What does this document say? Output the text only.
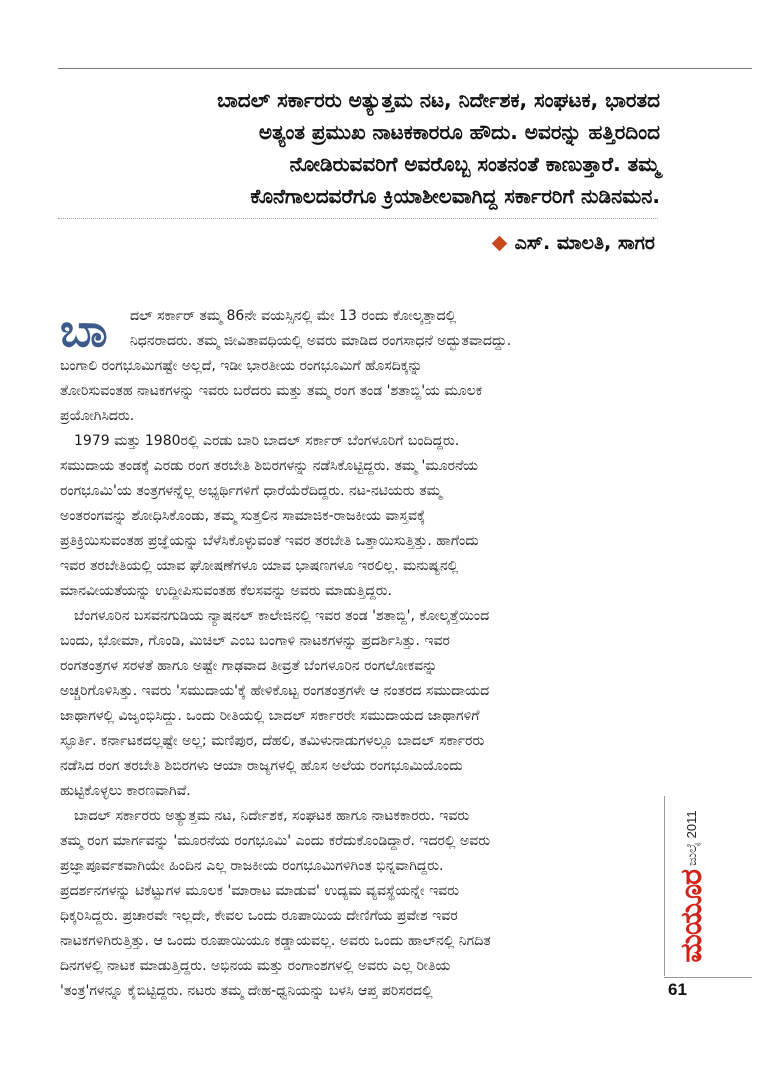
ಬಾದಲ್ ಸರ್ಕಾರರು ಅತ್ಯುತ್ತಮ ನಟ, ನಿರ್ದೇಶಕ, ಸಂಘಟಕ, ಭಾರತದ
ಅತ್ಯಂತ ಪ್ರಮುಖ ನಾಟಕಕಾರರೂ ಹೌದು. ಅವರನ್ನು ಹತ್ತಿರದಿಂದ
ನೋಡಿರುವವರಿಗೆ ಅವರೊಬ್ಬ ಸಂತನಂತೆ ಕಾಣುತ್ತಾರೆ. ತಮ್ಮ
ಕೊನೆಗಾಲದವರೆಗೂ ಕ್ರಿಯಾಶೀಲವಾಗಿದ್ದ ಸರ್ಕಾರರಿಗೆ ನುಡಿನಮನ.
ಎಸ್. ಮಾಲತಿ, ಸಾಗರ
ಬಾ	ದಲ್ ಸರ್ಕಾರ್ ತಮ್ಮ 86ನೇ ವಯಸ್ಸಿನಲ್ಲಿ ಮೇ 13 ರಂದು ಕೋಲ್ಕತ್ತಾದಲ್ಲಿ
ನಿಧನರಾದರು. ತಮ್ಮ ಜೀವಿತಾವಧಿಯಲ್ಲಿ ಅವರು ಮಾಡಿದ ರಂಗಸಾಧನೆ ಅದ್ಭುತವಾದದ್ದು.

ಬಂಗಾಲಿ ರಂಗಭೂಮಿಗಷ್ಟೇ ಅಲ್ಲದೆ, ಇಡೀ ಭಾರತೀಯ ರಂಗಭೂಮಿಗೆ ಹೊಸದಿಕ್ಕನ್ನು
ತೋರಿಸುವಂತಹ ನಾಟಕಗಳನ್ನು ಇವರು ಬರೆದರು ಮತ್ತು ತಮ್ಮ ರಂಗ ತಂಡ 'ಶತಾಬ್ದಿ'ಯ ಮೂಲಕ
ಪ್ರಯೋಗಿಸಿದರು.

1979 ಮತ್ತು 1980ರಲ್ಲಿ ಎರಡು ಬಾರಿ ಬಾದಲ್ ಸರ್ಕಾರ್ ಬೆಂಗಳೂರಿಗೆ ಬಂದಿದ್ದರು.
ಸಮುದಾಯ ತಂಡಕ್ಕೆ ಎರಡು ರಂಗ ತರಬೇತಿ ಶಿಬಿರಗಳನ್ನು ನಡೆಸಿಕೊಟ್ಟಿದ್ದರು. ತಮ್ಮ 'ಮೂರನೆಯ
ರಂಗಭೂಮಿ'ಯ ತಂತ್ರಗಳನ್ನೆಲ್ಲ ಅಭ್ಯರ್ಥಿಗಳಿಗೆ ಧಾರೆಯೆರೆದಿದ್ದರು. ನಟ-ನಟಿಯರು ತಮ್ಮ
ಅಂತರಂಗವನ್ನು ಶೋಧಿಸಿಕೊಂಡು, ತಮ್ಮ ಸುತ್ತಲಿನ ಸಾಮಾಜಿಕ-ರಾಜಕೀಯ ವಾಸ್ತವಕ್ಕೆ
ಪ್ರತಿಕ್ರಿಯಿಸುವಂತಹ ಪ್ರಜ್ಞೆಯನ್ನು ಬೆಳೆಸಿಕೊಳ್ಳುವಂತೆ ಇವರ ತರಬೇತಿ ಒತ್ತಾಯಿಸುತ್ತಿತ್ತು. ಹಾಗೆಂದು
ಇವರ ತರಬೇತಿಯಲ್ಲಿ ಯಾವ ಘೋಷಣೆಗಳೂ ಯಾವ ಭಾಷಣಗಳೂ ಇರಲಿಲ್ಲ. ಮನುಷ್ಯನಲ್ಲಿ
ಮಾನವೀಯತೆಯನ್ನು ಉದ್ದೀಪಿಸುವಂತಹ ಕೆಲಸವನ್ನು ಅವರು ಮಾಡುತ್ತಿದ್ದರು.

ಬೆಂಗಳೂರಿನ ಬಸವನಗುಡಿಯ ನ್ಯಾಷನಲ್ ಕಾಲೇಜಿನಲ್ಲಿ ಇವರ ತಂಡ 'ಶತಾಬ್ದಿ', ಕೋಲ್ಕತ್ತೆಯಿಂದ
ಬಂದು, ಭೋಮಾ, ಗೊಂಡಿ, ಮಿಚಿಲ್ ಎಂಬ ಬಂಗಾಳಿ ನಾಟಕಗಳನ್ನು ಪ್ರದರ್ಶಿಸಿತ್ತು. ಇವರ
ರಂಗತಂತ್ರಗಳ ಸರಳತೆ ಹಾಗೂ ಅಷ್ಟೇ ಗಾಢವಾದ ತೀವ್ರತೆ ಬೆಂಗಳೂರಿನ ರಂಗಲೋಕವನ್ನು
ಅಚ್ಚರಿಗೊಳಿಸಿತ್ತು. ಇವರು 'ಸಮುದಾಯ'ಕ್ಕೆ ಹೇಳಿಕೊಟ್ಟ ರಂಗತಂತ್ರಗಳೇ ಆ ನಂತರದ ಸಮುದಾಯದ
ಜಾಥಾಗಳಲ್ಲಿ ವಿಜೃಂಭಿಸಿದ್ದು. ಒಂದು ರೀತಿಯಲ್ಲಿ ಬಾದಲ್ ಸರ್ಕಾರರೇ ಸಮುದಾಯದ ಜಾಥಾಗಳಿಗೆ
ಸ್ಫೂರ್ತಿ. ಕರ್ನಾಟಕದಲ್ಲಷ್ಟೇ ಅಲ್ಲ; ಮಣಿಪುರ, ದೆಹಲಿ, ತಮಿಳುನಾಡುಗಳಲ್ಲೂ ಬಾದಲ್ ಸರ್ಕಾರರು
ನಡೆಸಿದ ರಂಗ ತರಬೇತಿ ಶಿಬಿರಗಳು ಆಯಾ ರಾಜ್ಯಗಳಲ್ಲಿ ಹೊಸ ಅಲೆಯ ರಂಗಭೂಮಿಯೊಂದು
ಹುಟ್ಟಿಕೊಳ್ಳಲು ಕಾರಣವಾಗಿವೆ.

ಬಾದಲ್ ಸರ್ಕಾರರು ಅತ್ಯುತ್ತಮ ನಟ, ನಿರ್ದೇಶಕ, ಸಂಘಟಕ ಹಾಗೂ ನಾಟಕಕಾರರು. ಇವರು
ತಮ್ಮ ರಂಗ ಮಾರ್ಗವನ್ನು 'ಮೂರನೆಯ ರಂಗಭೂಮಿ' ಎಂದು ಕರೆದುಕೊಂಡಿದ್ದಾರೆ. ಇದರಲ್ಲಿ ಅವರು
ಪ್ರಜ್ಞಾಪೂರ್ವಕವಾಗಿಯೇ ಹಿಂದಿನ ಎಲ್ಲ ರಾಜಕೀಯ ರಂಗಭೂಮಿಗಳಿಗಿಂತ ಭಿನ್ನವಾಗಿದ್ದರು.
ಪ್ರದರ್ಶನಗಳನ್ನು ಟಿಕೆಟ್ಟುಗಳ ಮೂಲಕ 'ಮಾರಾಟ ಮಾಡುವ' ಉದ್ಯಮ ವ್ಯವಸ್ಥೆಯನ್ನೇ ಇವರು
ಧಿಕ್ಕರಿಸಿದ್ದರು. ಪ್ರಚಾರವೇ ಇಲ್ಲದೇ, ಕೇವಲ ಒಂದು ರೂಪಾಯಿಯ ದೇಣಿಗೆಯ ಪ್ರವೇಶ ಇವರ
ನಾಟಕಗಳಿಗಿರುತ್ತಿತ್ತು. ಆ ಒಂದು ರೂಪಾಯಿಯೂ ಕಡ್ಡಾಯವಲ್ಲ. ಅವರು ಒಂದು ಹಾಲ್‌ನಲ್ಲಿ ನಿಗದಿತ
ದಿನಗಳಲ್ಲಿ ನಾಟಕ ಮಾಡುತ್ತಿದ್ದರು. ಅಭಿನಯ ಮತ್ತು ರಂಗಾಂಶಗಳಲ್ಲಿ ಅವರು ಎಲ್ಲ ರೀತಿಯ
'ತಂತ್ರ'ಗಳನ್ನೂ ಕೈಬಿಟ್ಟಿದ್ದರು. ನಟರು ತಮ್ಮ ದೇಹ-ಧ್ವನಿಯನ್ನು ಬಳಸಿ ಆಪ್ತ ಪರಿಸರದಲ್ಲಿ

ಜುಲೈ 2011
ಮಯೂರ
61
